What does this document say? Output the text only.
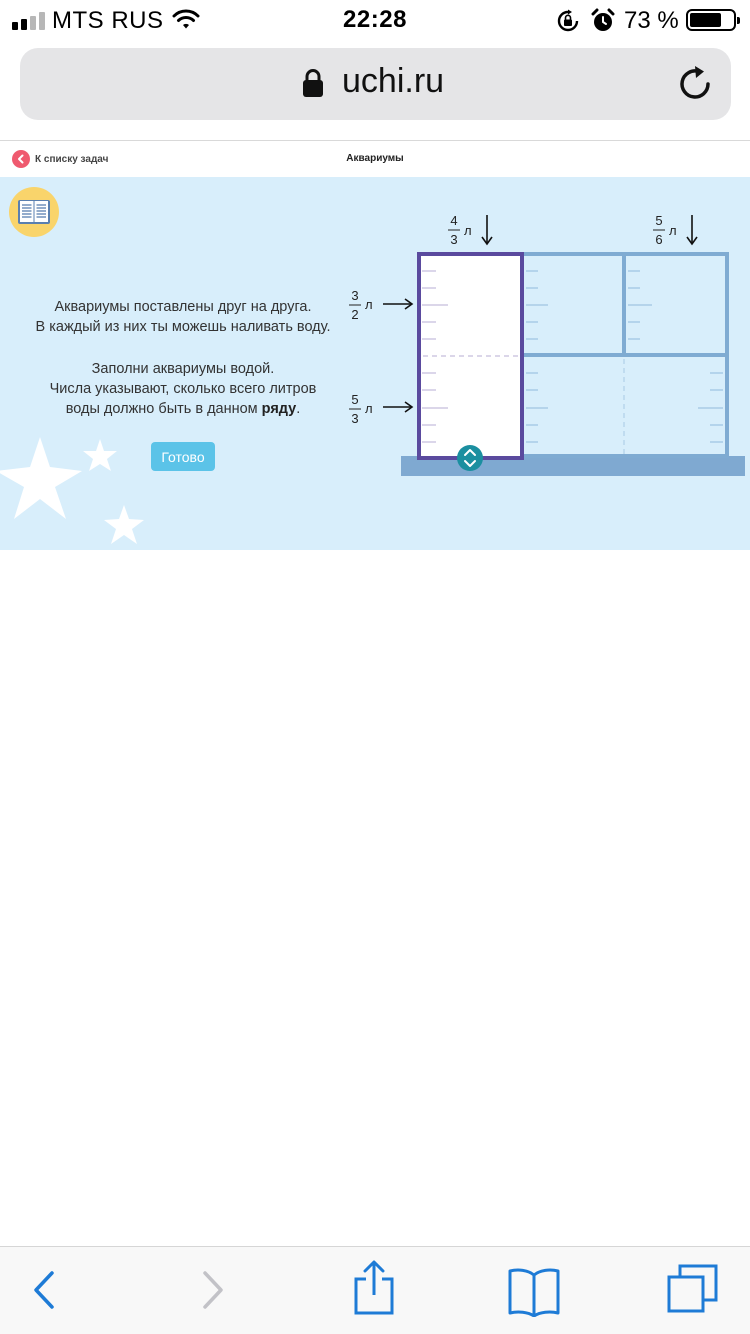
MTS RUS	22:28	73 %
uchi.ru
К списку задач	Аквариумы

Аквариумы поставлены друг на друга.

В каждый из них ты можешь наливать воду.

Заполни аквариумы водой.

Числа указывают, сколько всего литров

воды должно быть в данном ряду.

Готово
4
3
л
5
6
л
3
2
л
5
3
л
